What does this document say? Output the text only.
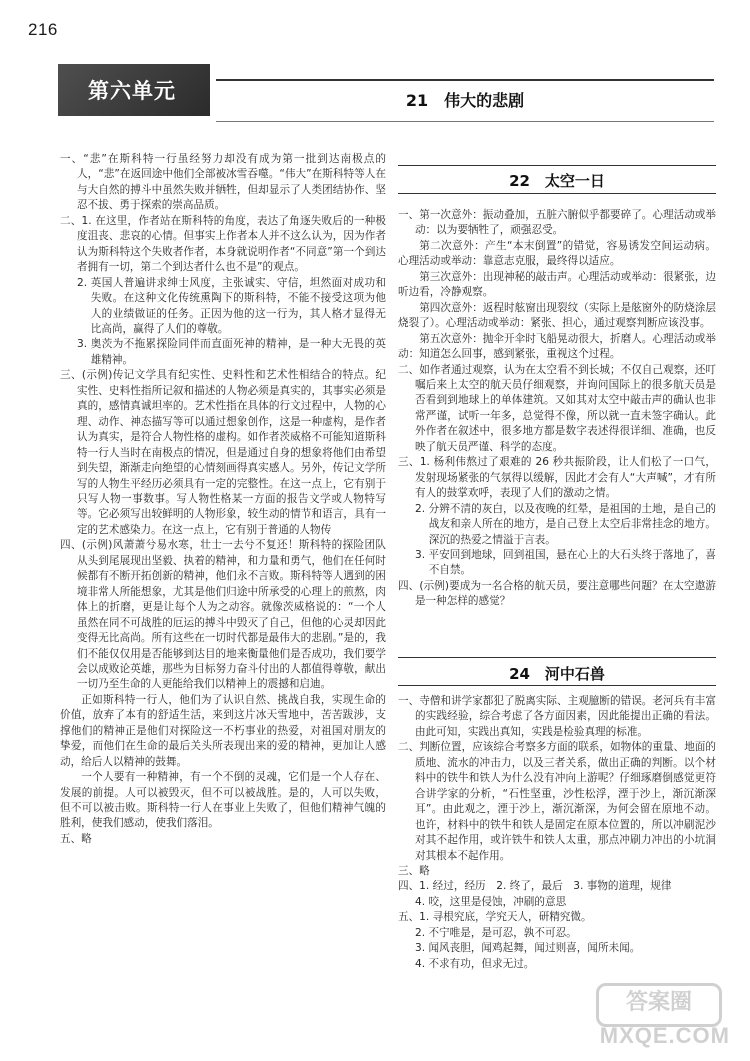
216
第六单元	21　伟大的悲剧

一、“悲”在斯科特一行虽经努力却没有成为第一批到达南极点的人，“悲”在返回途中他们全部被冰雪吞噬。“伟大”在斯科特等人在与大自然的搏斗中虽然失败并牺牲，但却显示了人类团结协作、坚忍不拔、勇于探索的崇高品质。

二、1. 在这里，作者站在斯科特的角度，表达了角逐失败后的一种极度沮丧、悲哀的心情。但事实上作者本人并不这么认为，因为作者认为斯科特这个失败者作者，本身就说明作者“不同意”第一个到达者拥有一切，第二个到达者什么也不是”的观点。

2. 英国人普遍讲求绅士风度，主张诚实、守信，坦然面对成功和失败。在这种文化传统熏陶下的斯科特，不能不接受这项为他人的业绩做证的任务。正因为他的这一行为，其人格才显得无比高尚，赢得了人们的尊敬。

3. 奥茨为不拖累探险同伴而直面死神的精神，是一种大无畏的英雄精神。

三、(示例)传记文学具有纪实性、史料性和艺术性相结合的特点。纪实性、史料性指所记叙和描述的人物必须是真实的，其事实必须是真的，感情真诚坦率的。艺术性指在具体的行文过程中，人物的心理、动作、神态描写等可以通过想象创作，这是一种虚构，是作者认为真实，是符合人物性格的虚构。如作者茨威格不可能知道斯科特一行人当时在南极点的情况，但是通过自身的想象将他们由希望到失望，渐渐走向绝望的心情刻画得真实感人。另外，传记文学所写的人物生平经历必须具有一定的完整性。在这一点上，它有别于只写人物一事数事。写人物性格某一方面的报告文学或人物特写等。它必须写出较鲜明的人物形象，较生动的情节和语言，具有一定的艺术感染力。在这一点上，它有别于普通的人物传

四、(示例)风萧萧兮易水寒，壮士一去兮不复还！斯科特的探险团队从头到尾展现出坚毅、执着的精神，和力量和勇气，他们在任何时候都有不断开拓创新的精神，他们永不言败。斯科特等人遇到的困境非常人所能想象，尤其是他们归途中所承受的心理上的煎熬，肉体上的折磨，更是让每个人为之动容。就像茨威格说的：“一个人虽然在同不可战胜的厄运的搏斗中毁灭了自己，但他的心灵却因此变得无比高尚。所有这些在一切时代都是最伟大的悲剧。”是的，我们不能仅仅用是否能够到达目的地来衡量他们是否成功，我们要学会以成败论英雄，那些为目标努力奋斗付出的人都值得尊敬，献出一切乃至生命的人更能给我们以精神上的震撼和启迪。

正如斯科特一行人，他们为了认识自然、挑战自我，实现生命的价值，放弃了本有的舒适生活，来到这片冰天雪地中，苦苦跋涉，支撑他们的精神正是他们对探险这一不朽事业的热爱，对祖国对朋友的挚爱，而他们在生命的最后关头所表现出来的爱的精神，更加让人感动，给后人以精神的鼓舞。

一个人要有一种精神，有一个不倒的灵魂，它们是一个人存在、发展的前提。人可以被毁灭，但不可以被战胜。是的，人可以失败，但不可以被击败。斯科特一行人在事业上失败了，但他们精神气魄的胜利，使我们感动，使我们落泪。

五、略

22　太空一日

一、第一次意外：振动叠加，五脏六腑似乎都要碎了。心理活动或举动：以为要牺牲了，顽强忍受。

第二次意外：产生“本末倒置”的错觉，容易诱发空间运动病。心理活动或举动：靠意志克服，最终得以适应。

第三次意外：出现神秘的敲击声。心理活动或举动：很紧张，边听边看，冷静观察。

第四次意外：返程时舷窗出现裂纹（实际上是舷窗外的防烧涂层烧裂了）。心理活动或举动：紧张、担心，通过观察判断应该没事。

第五次意外：抛伞开伞时飞船晃动很大，折磨人。心理活动或举动：知道怎么回事，感到紧张，重视这个过程。

二、如作者通过观察，认为在太空看不到长城；不仅自己观察，还叮嘱后来上太空的航天员仔细观察，并询问国际上的很多航天员是否看到到地球上的单体建筑。又如其对太空中敲击声的确认也非常严谨，试听一年多，总觉得不像，所以就一直未签字确认。此外作者在叙述中，很多地方都是数字表述得很详细、准确，也反映了航天员严谨、科学的态度。

三、1. 杨利伟熬过了艰难的 26 秒共振阶段，让人们松了一口气，发射现场紧张的气氛得以缓解，因此才会有人“大声喊”，才有所有人的鼓掌欢呼，表现了人们的激动之情。

2. 分辨不清的灰白，以及夜晚的红晕，是祖国的土地，是自己的战友和亲人所在的地方，是自己登上太空后非常挂念的地方。深沉的热爱之情溢于言表。

3. 平安回到地球，回到祖国，悬在心上的大石头终于落地了，喜不自禁。

四、(示例)要成为一名合格的航天员，要注意哪些问题？在太空遨游是一种怎样的感觉？

24　河中石兽

一、寺僧和讲学家都犯了脱离实际、主观臆断的错误。老河兵有丰富的实践经验，综合考虑了各方面因素，因此能提出正确的看法。由此可知，实践出真知，实践是检验真理的标准。

二、判断位置，应该综合考察多方面的联系，如物体的重量、地面的质地、流水的冲击力，以及三者关系，做出正确的判断。以个材料中的铁牛和铁人为什么没有冲向上游呢？仔细琢磨倒感觉更符合讲学家的分析，“石性坚重，沙性松浮，湮于沙上，渐沉渐深耳”。由此观之，湮于沙上，渐沉渐深，为何会留在原地不动。也许，材料中的铁牛和铁人是固定在原本位置的，所以冲刷泥沙对其不起作用，或许铁牛和铁人太重，那点冲刷力冲出的小坑洞对其根本不起作用。

三、略

四、1. 经过，经历　2. 终了，最后　3. 事物的道理，规律

4. 咬，这里是侵蚀，冲刷的意思

五、1. 寻根究底，学究天人，研精究微。

2. 不宁唯是，是可忍，孰不可忍。

3. 闻风丧胆，闻鸡起舞，闻过则喜，闻所未闻。

4. 不求有功，但求无过。

答案圈
MXQE.COM
